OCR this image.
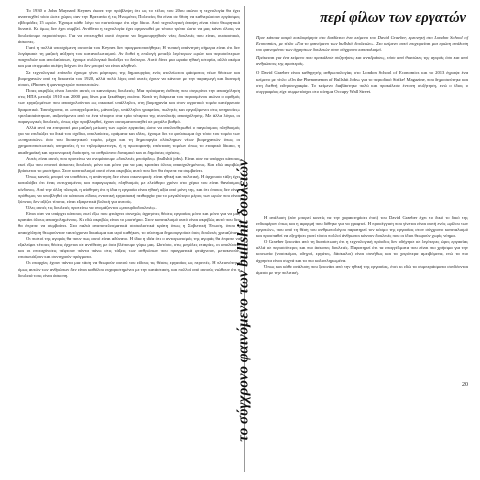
Το 1930 ο John Maynard Keynes έκανε την πρόβλεψη ότι ως το τέλος του 20ου αιώνα η τεχνολογία θα έχει αναπτυχθεί τόσο ώστε χώρες σαν την Βρετανία ή τις Ηνωμένες Πολιτείες θα είναι σε θέση να καθιερώσουν εργάσιμες εβδομάδες 15 ωρών. Έχουμε κάθε λόγο να πιστεύουμε ότι είχε δίκιο. Από τεχνολογική άποψη είναι τόσο θεωρητικά δυνατό. Κι όμως δεν έχει συμβεί. Αντίθετα η τεχνολογία έχει οργανωθεί με τέτοιο τρόπο ώστε να μας κάνει όλους να δουλεύουμε περισσότερο. Για να επιτευχθεί αυτό έπρεπε να δημιουργηθούν νέες δουλειές που είναι, ουσιαστικά, άσκοπες.

Γιατί η πολλά υποσχόμενη ουτοπία του Keynes δεν πραγματοποιήθηκε; Η τυπική απάντηση σήμερα είναι ότι δεν λογάριασε τη μαζική αύξηση του καταναλωτισμού. Αν δοθεί η επιλογή μεταξύ λιγότερων ωρών και περισσότερων παιχνιδιών και απολαύσεων, έχουμε συλλογικά διαλέξει το δεύτερο. Αυτό δίνει μια ωραία ηθική ιστορία, αλλά ακόμα και μια στιγμιαία σκέψη δείχνει ότι δεν μπορεί να είναι αληθινό.

Σε τεχνολογικό επίπεδο έχουμε γίνει μάρτυρες της δημιουργίας ενός ατελείωτου φάσματος νέων θέσεων και βιομηχανιών από τη δεκαετία του 1920, αλλά πολύ λίγες από αυτές έχουν να κάνουν με την παραγωγή και διανομή σουσι, iPhones ή φανταχτερών παπουτσιών.

Ποιες ακριβώς είναι λοιπόν αυτές οι καινούριες δουλειές; Μια πρόσφατη έκθεση που συγκρίνει την απασχόληση στις ΗΠΑ μεταξύ 1910 και 2000 μας δίνει μια ξεκάθαρη εικόνα. Κατά τη διάρκεια του περασμένου αιώνα ο αριθμός των εργαζομένων που απασχολούνται ως οικιακοί υπάλληλοι, στη βιομηχανία και στον αγροτικό τομέα κατέρρευσε δραματικά. Ταυτόχρονα, οι «επαγγελματίες, μάνατζερ, υπάλληλοι γραφείου, πωλητές και εργαζόμενοι στις υπηρεσίες» τριπλασιάστηκαν, αυξανόμενοι από το ένα τέταρτο στα τρία τέταρτα της συνολικής απασχόλησης. Με άλλα λόγια, οι παραγωγικές δουλειές, όπως είχε προβλεφθεί, έχουν αυτοματοποιηθεί σε μεγάλο βαθμό.

Αλλά αντί να επιτραπεί μια μαζική μείωση των ωρών εργασίας ώστε να απελευθερωθεί ο παγκόσμιος πληθυσμός για να επιδιώξει τα δικά του σχέδια, απολαύσεις, οράματα και ιδέες, έχουμε δει το φούσκωμα όχι τόσο του τομέα των «υπηρεσιών» όσο του διοικητικού τομέα, μέχρι και τη δημιουργία ολόκληρων νέων βιομηχανιών όπως οι χρηματοπιστωτικές υπηρεσίες ή το τηλεμάρκετινγκ, ή η πρωτοφανής επέκταση τομέων όπως το εταιρικό δίκαιο, η ακαδημαϊκή και υγειονομική διοίκηση, το ανθρώπινο δυναμικό και οι δημόσιες σχέσεις.

Αυτές είναι αυτές που προτείνω να ονομάσουμε «δουλειές μπούρδες» (bullshit jobs). Είναι σαν να υπάρχει κάποιος εκεί έξω που επινοεί άσκοπες δουλειές μόνο και μόνο για να μας κρατάει όλους απασχολημένους. Και εδώ ακριβώς βρίσκεται το μυστήριο. Στον καπιταλισμό αυτό είναι ακριβώς αυτό που δεν θα έπρεπε να συμβαίνει.

Όπως κανείς μπορεί να υποθέσει, η απάντηση δεν είναι οικονομική: είναι ηθική και πολιτική. Η άρχουσα τάξη έχει καταλάβει ότι ένας ευτυχισμένος και παραγωγικός πληθυσμός με ελεύθερο χρόνο στα χέρια του είναι θανάσιμος κίνδυνος. Από την άλλη πλευρά, η αίσθηση ότι η ίδια η εργασία είναι ηθική αξία από μόνη της, και ότι όποιος δεν είναι πρόθυμος να υποβληθεί σε κάποιου είδους εντατική εργασιακή πειθαρχία για το μεγαλύτερο μέρος των ωρών που είναι ξύπνιος δεν αξίζει τίποτα, είναι εξαιρετικά βολική για αυτούς.

Όλες αυτές τις δουλειές προτείνω να ονομάζονται «μπουρδοδουλειές».

Είναι σαν να υπάρχει κάποιος εκεί έξω που φτιάχνει συνεχώς άχρηστες θέσεις εργασίας μόνο και μόνο για να μας κρατάει όλους απασχολημένους. Κι εδώ ακριβώς είναι το μυστήριο. Στον καπιταλισμό αυτό είναι ακριβώς αυτό που δεν θα έπρεπε να συμβαίνει. Στα παλιά αναποτελεσματικά σοσιαλιστικά κράτη όπως η Σοβιετική Ένωση, όπου η απασχόληση θεωρούνταν ταυτόχρονα δικαίωμα και ιερό καθήκον, το σύστημα δημιουργούσε όσες δουλειές χρειαζόταν.

Οι πιστοί της αγοράς θα πουν πως αυτό είναι αδύνατο. Η ίδια η ιδέα ότι ο ανταγωνισμός της αγοράς θα έπρεπε να εξαλείφει τέτοιες θέσεις έρχεται σε αντίθεση με όσα βλέπουμε γύρω μας. Ωστόσο, στις μεγάλες εταιρίες, οι απολύσεις και οι επιταχύνσεις πέφτουν πάντα πάνω στις τάξεις των ανθρώπων που πραγματικά φτιάχνουν, μετακινούν, επισκευάζουν και συντηρούν πράγματα.

Οι επαρχίες έχουν πάντα μια τάση να θεωρούν αυτού του είδους τις θέσεις εργασίας ως περιττές. Η πλειονότητα όμως αυτών των ανθρώπων δεν είναι καθόλου ευχαριστημένοι με την κατάσταση, και πολλοί από αυτούς νιώθουν ότι η δουλειά τους είναι άσκοπη.	το σύγχρονο φαινόμενο των bullshit δουλειών
περί φίλων των εργατών

Πριν κάποια καιρό κυκλοφόρησε στο διαδίκτυο ένα κείμενο του David Graeber, ερευνητή στο London School of Economics, με τίτλο «Για το φαινόμενο των bullshit δουλειών». Στο κείμενο αυτό επιχειρείται μια πρώτη ανάλυση του φαινομένου των άχρηστων δουλειών στον σύγχρονο καπιταλισμό.

Πρόκειται για ένα κείμενο που προκάλεσε συζητήσεις και αντιδράσεις, τόσο από θιασώτες της αγοράς όσο και από ανθρώπους της αριστεράς.

Ο David Graeber είναι καθηγητής ανθρωπολογίας στο London School of Economics και το 2013 έγραψε ένα κείμενο με τίτλο «On the Phenomenon of Bullshit Jobs» για το περιοδικό Strike! Magazine, που δημοσιεύτηκε και στη διεθνή ειδησεογραφία. Το κείμενο διαβάστηκε πολύ και προκάλεσε έντονη συζήτηση, ενώ ο ίδιος ο συγγραφέας είχε συμμετάσχει στο κίνημα Occupy Wall Street.

Η ανάλυση (εάν μπορεί κανείς να την χαρακτηρίσει έτσι) του David Graeber έχει το δικό το δικό της ενδιαφέρον όπως και η αφορμή που δόθηκε για να γραφτεί. Η προσέγγιση που γίνεται είναι αυτή ενός «φίλου των εργατών», που από τη θέση του ανθρωπολόγου παρατηρεί τον κόσμο της εργασίας στον σύγχρονο καπιταλισμό και προσπαθεί να εξηγήσει γιατί τόσοι πολλοί άνθρωποι κάνουν δουλειές που οι ίδιοι θεωρούν χωρίς νόημα.

Ο Graeber ξεκινάει από τη διαπίστωση ότι η τεχνολογική πρόοδος δεν οδήγησε σε λιγότερες ώρες εργασίας αλλά σε περισσότερες και πιο άσκοπες δουλειές. Παρατηρεί ότι τα επαγγέλματα που είναι πιο χρήσιμα για την κοινωνία (νοσοκόμοι, οδηγοί, εργάτες, δάσκαλοι) είναι συνήθως και τα χειρότερα αμειβόμενα, ενώ τα πιο άχρηστα είναι συχνά και τα πιο καλοπληρωμένα.

Όπως και κάθε ανάλυση που ξεκινάει από την ηθική της εργασίας, έτσι κι εδώ τα συμπεράσματα συνδέονται άμεσα με την πολιτική.

20
